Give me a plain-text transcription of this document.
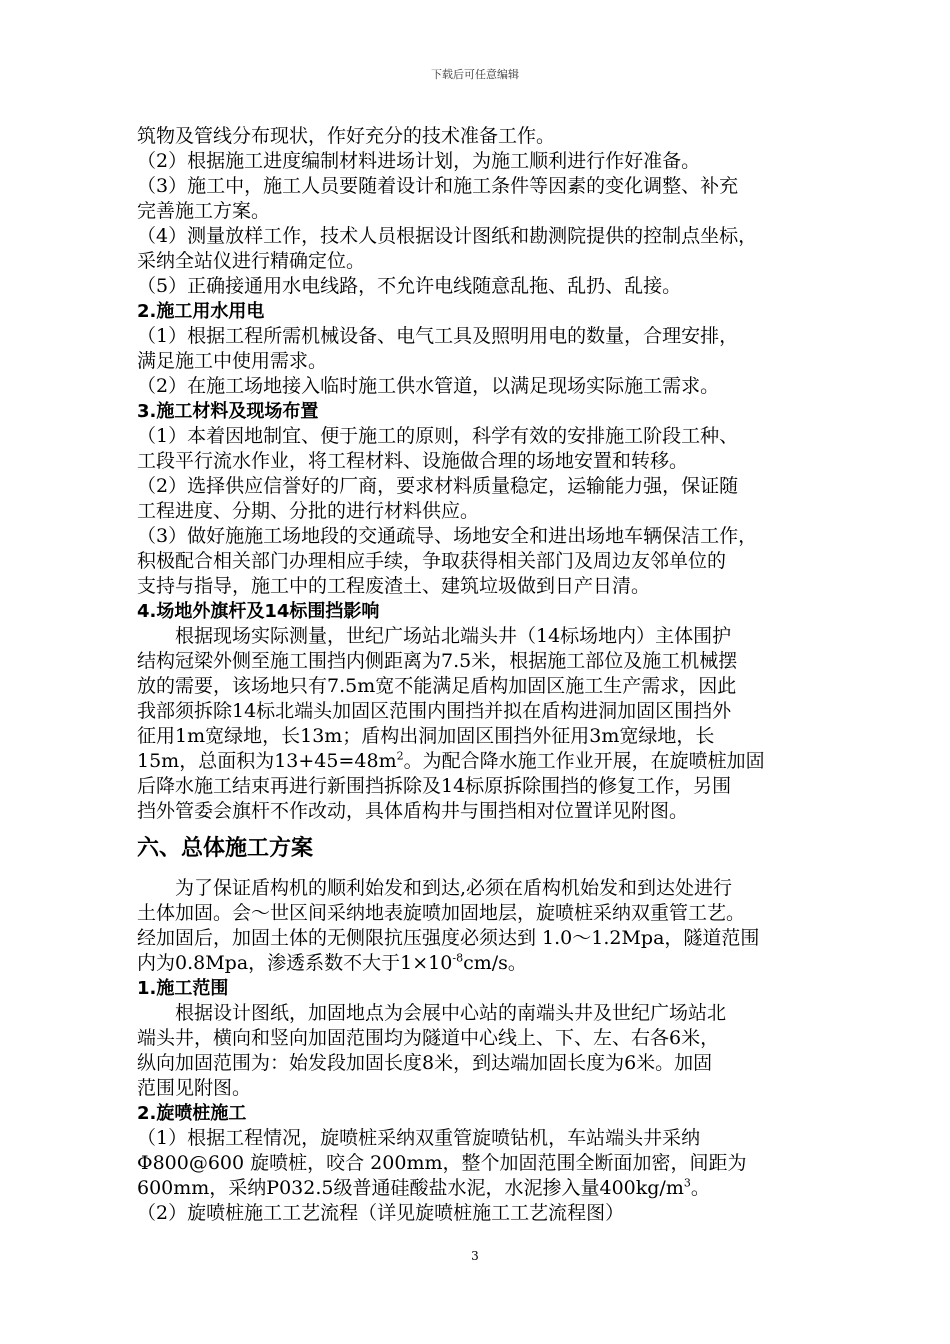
下载后可任意编辑

筑物及管线分布现状，作好充分的技术准备工作。

（2）根据施工进度编制材料进场计划，为施工顺利进行作好准备。

（3）施工中，施工人员要随着设计和施工条件等因素的变化调整、补充

完善施工方案。

（4）测量放样工作，技术人员根据设计图纸和勘测院提供的控制点坐标，

采纳全站仪进行精确定位。

（5）正确接通用水电线路，不允许电线随意乱拖、乱扔、乱接。

2.施工用水用电

（1）根据工程所需机械设备、电气工具及照明用电的数量，合理安排，

满足施工中使用需求。

（2）在施工场地接入临时施工供水管道，以满足现场实际施工需求。

3.施工材料及现场布置

（1）本着因地制宜、便于施工的原则，科学有效的安排施工阶段工种、

工段平行流水作业，将工程材料、设施做合理的场地安置和转移。

（2）选择供应信誉好的厂商，要求材料质量稳定，运输能力强，保证随

工程进度、分期、分批的进行材料供应。

（3）做好施施工场地段的交通疏导、场地安全和进出场地车辆保洁工作，

积极配合相关部门办理相应手续，争取获得相关部门及周边友邻单位的

支持与指导，施工中的工程废渣土、建筑垃圾做到日产日清。

4.场地外旗杆及14标围挡影响

根据现场实际测量，世纪广场站北端头井（14标场地内）主体围护

结构冠梁外侧至施工围挡内侧距离为7.5米，根据施工部位及施工机械摆

放的需要，该场地只有7.5m宽不能满足盾构加固区施工生产需求，因此

我部须拆除14标北端头加固区范围内围挡并拟在盾构进洞加固区围挡外

征用1m宽绿地，长13m；盾构出洞加固区围挡外征用3m宽绿地，长

15m，总面积为$13+45=48m^2$。为配合降水施工作业开展，在旋喷桩加固

后降水施工结束再进行新围挡拆除及14标原拆除围挡的修复工作，另围

挡外管委会旗杆不作改动，具体盾构井与围挡相对位置详见附图。

六、总体施工方案

为了保证盾构机的顺利始发和到达,必须在盾构机始发和到达处进行

土体加固。会～世区间采纳地表旋喷加固地层，旋喷桩采纳双重管工艺。

经加固后，加固土体的无侧限抗压强度必须达到 1.0～1.2Mpa，隧道范围

内为0.8Mpa，渗透系数不大于$1\times 10^{-8}cm/s$。

1.施工范围

根据设计图纸，加固地点为会展中心站的南端头井及世纪广场站北

端头井，横向和竖向加固范围均为隧道中心线上、下、左、右各6米，

纵向加固范围为：始发段加固长度8米，到达端加固长度为6米。加固

范围见附图。

2.旋喷桩施工

（1）根据工程情况，旋喷桩采纳双重管旋喷钻机，车站端头井采纳

Φ800@600 旋喷桩，咬合 200mm，整个加固范围全断面加密，间距为

600mm，采纳P032.5级普通硅酸盐水泥，水泥掺入量$400kg/m^3$。

（2）旋喷桩施工工艺流程（详见旋喷桩施工工艺流程图）

3
